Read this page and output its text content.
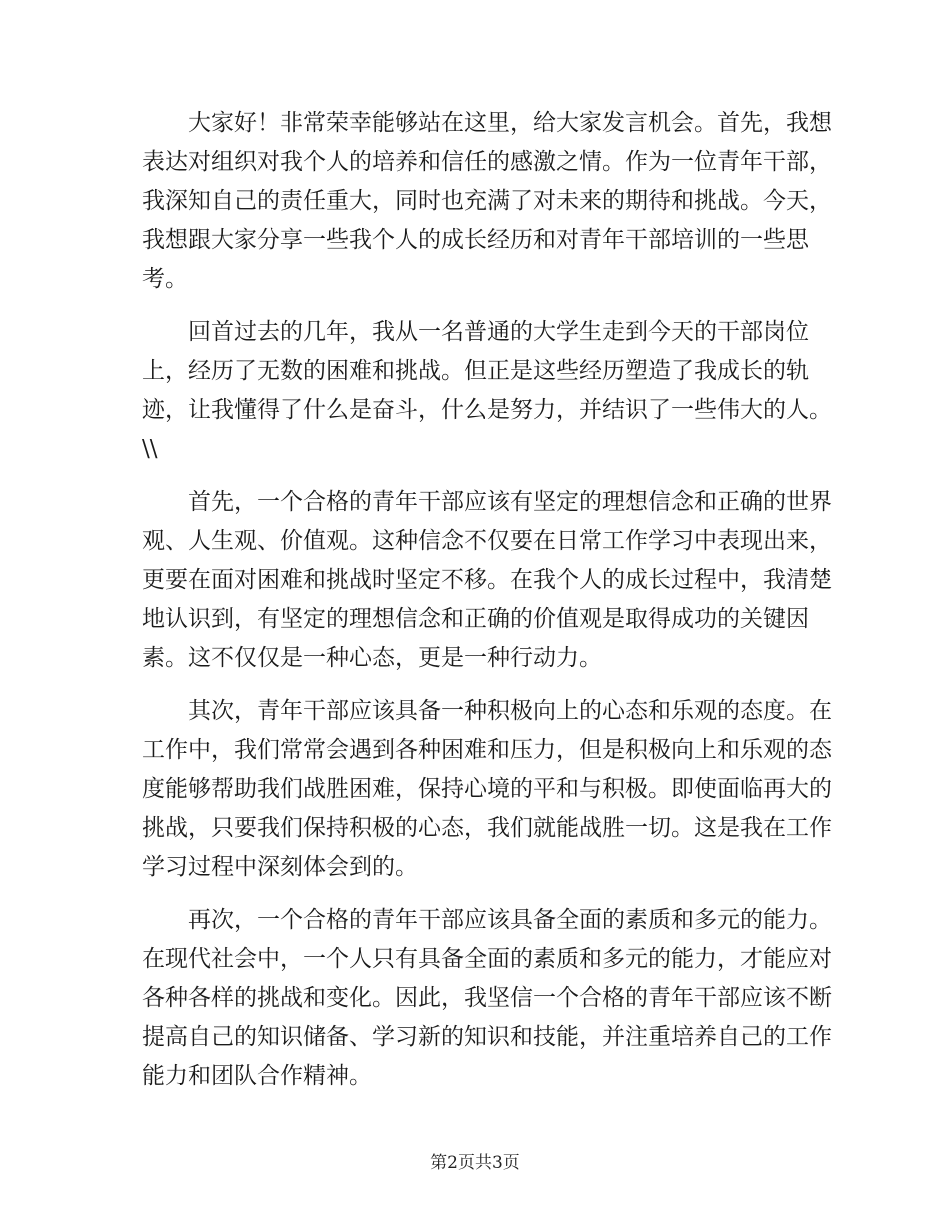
　　大家好！非常荣幸能够站在这里，给大家发言机会。首先，我想
表达对组织对我个人的培养和信任的感激之情。作为一位青年干部，
我深知自己的责任重大，同时也充满了对未来的期待和挑战。今天，
我想跟大家分享一些我个人的成长经历和对青年干部培训的一些思
考。
　　回首过去的几年，我从一名普通的大学生走到今天的干部岗位
上，经历了无数的困难和挑战。但正是这些经历塑造了我成长的轨
迹，让我懂得了什么是奋斗，什么是努力，并结识了一些伟大的人。
\\
　　首先，一个合格的青年干部应该有坚定的理想信念和正确的世界
观、人生观、价值观。这种信念不仅要在日常工作学习中表现出来，
更要在面对困难和挑战时坚定不移。在我个人的成长过程中，我清楚
地认识到，有坚定的理想信念和正确的价值观是取得成功的关键因
素。这不仅仅是一种心态，更是一种行动力。
　　其次，青年干部应该具备一种积极向上的心态和乐观的态度。在
工作中，我们常常会遇到各种困难和压力，但是积极向上和乐观的态
度能够帮助我们战胜困难，保持心境的平和与积极。即使面临再大的
挑战，只要我们保持积极的心态，我们就能战胜一切。这是我在工作
学习过程中深刻体会到的。
　　再次，一个合格的青年干部应该具备全面的素质和多元的能力。
在现代社会中，一个人只有具备全面的素质和多元的能力，才能应对
各种各样的挑战和变化。因此，我坚信一个合格的青年干部应该不断
提高自己的知识储备、学习新的知识和技能，并注重培养自己的工作
能力和团队合作精神。
第2页共3页
